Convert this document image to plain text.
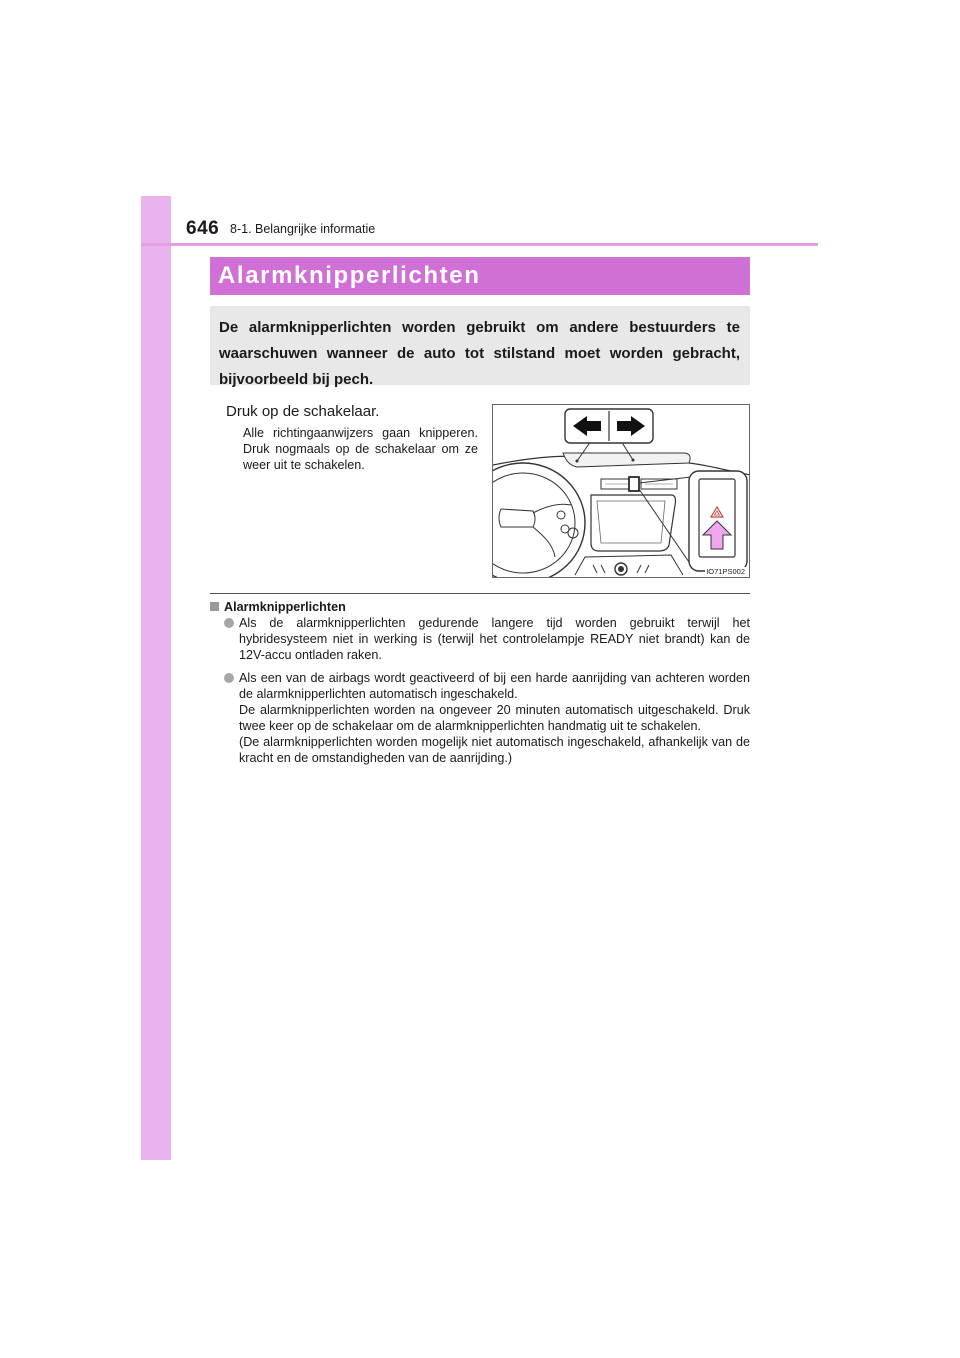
646 8-1. Belangrijke informatie
Alarmknipperlichten
De alarmknipperlichten worden gebruikt om andere bestuurders te waarschuwen wanneer de auto tot stilstand moet worden gebracht, bijvoorbeeld bij pech.
Druk op de schakelaar.
Alle richtingaanwijzers gaan knipperen. Druk nogmaals op de schakelaar om ze weer uit te schakelen.
IO71PS002
Alarmknipperlichten
Als de alarmknipperlichten gedurende langere tijd worden gebruikt terwijl het hybridesysteem niet in werking is (terwijl het controlelampje READY niet brandt) kan de 12V-accu ontladen raken.
Als een van de airbags wordt geactiveerd of bij een harde aanrijding van achteren worden de alarmknipperlichten automatisch ingeschakeld.
De alarmknipperlichten worden na ongeveer 20 minuten automatisch uitgeschakeld. Druk twee keer op de schakelaar om de alarmknipperlichten handmatig uit te schakelen.
(De alarmknipperlichten worden mogelijk niet automatisch ingeschakeld, afhankelijk van de kracht en de omstandigheden van de aanrijding.)
